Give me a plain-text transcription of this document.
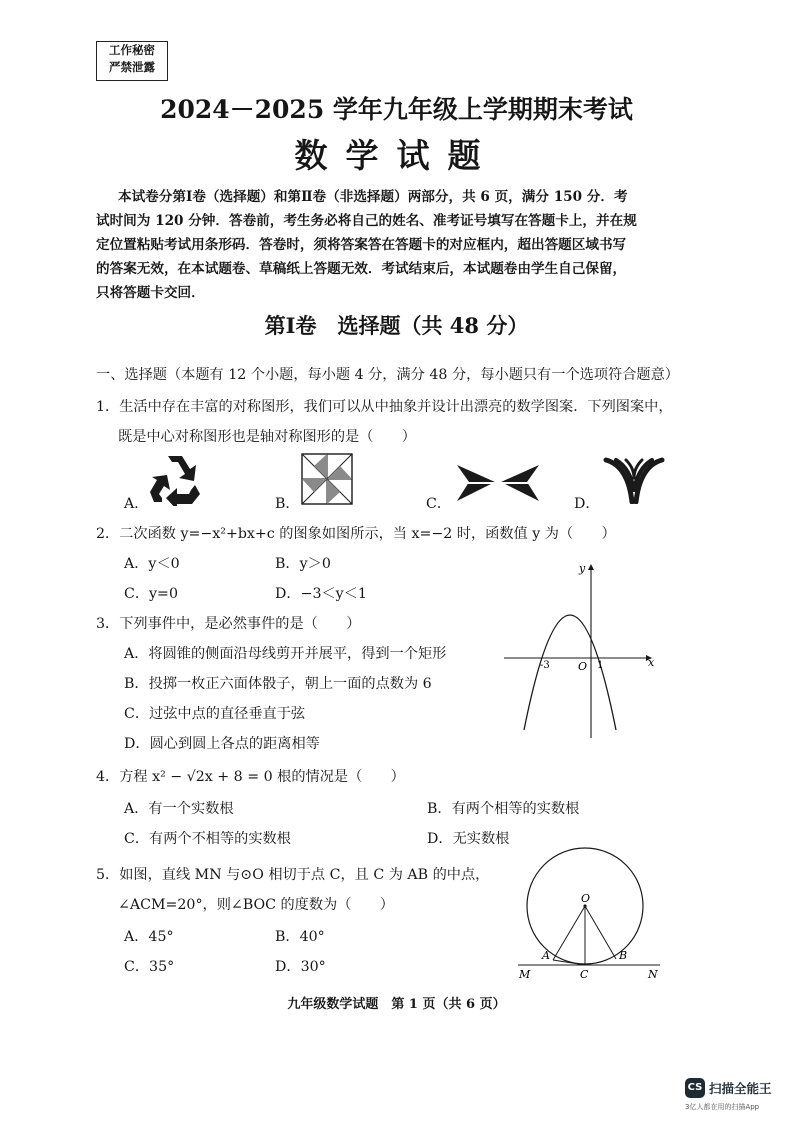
工作秘密
严禁泄露
2024－2025 学年九年级上学期期末考试
数学试题
本试卷分第Ⅰ卷（选择题）和第Ⅱ卷（非选择题）两部分，共 6 页，满分 150 分．考
试时间为 120 分钟．答卷前，考生务必将自己的姓名、准考证号填写在答题卡上，并在规
定位置粘贴考试用条形码．答卷时，须将答案答在答题卡的对应框内，超出答题区域书写
的答案无效，在本试题卷、草稿纸上答题无效．考试结束后，本试题卷由学生自己保留，
只将答题卡交回．
第Ⅰ卷　选择题（共 48 分）
一、选择题（本题有 12 个小题，每小题 4 分，满分 48 分，每小题只有一个选项符合题意）
1．生活中存在丰富的对称图形，我们可以从中抽象并设计出漂亮的数学图案．下列图案中，
既是中心对称图形也是轴对称图形的是（　　）
A．	B．	C．	D．
2．二次函数 y=−x²+bx+c 的图象如图所示，当 x=−2 时，函数值 y 为（　　）
A．y＜0	B．y＞0
C．y=0	D．−3＜y＜1
x
y
O
-3	1
3．下列事件中，是必然事件的是（　　）
A．将圆锥的侧面沿母线剪开并展平，得到一个矩形
B．投掷一枚正六面体骰子，朝上一面的点数为 6
C．过弦中点的直径垂直于弦
D．圆心到圆上各点的距离相等
4．方程 x² − √2x + 8 = 0 根的情况是（　　）
A．有一个实数根	B．有两个相等的实数根
C．有两个不相等的实数根	D．无实数根
5．如图，直线 MN 与⊙O 相切于点 C，且 C 为 AB 的中点，
∠ACM=20°，则∠BOC 的度数为（　　）
A．45°	B．40°
C．35°	D．30°
O
A	B
C
M	N
九年级数学试题　第 1 页（共 6 页）
CS 扫描全能王
3亿人都在用的扫描App
